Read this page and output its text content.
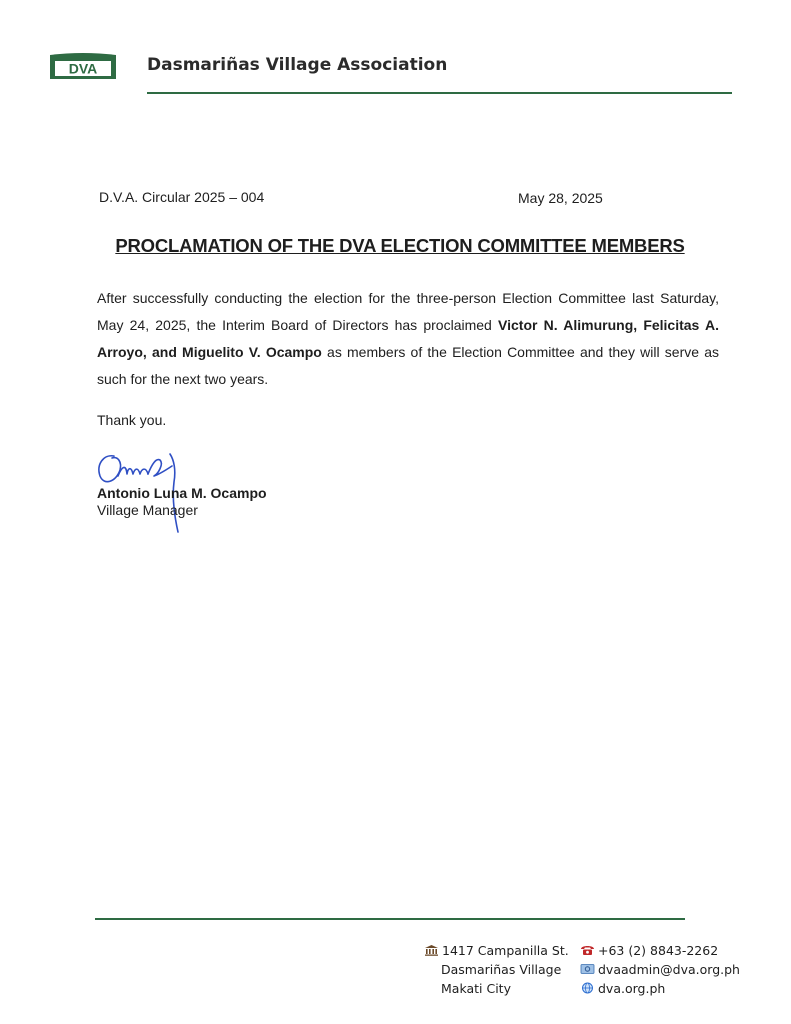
DVA	Dasmariñas Village Association
D.V.A. Circular 2025 – 004	May 28, 2025
PROCLAMATION OF THE DVA ELECTION COMMITTEE MEMBERS
After successfully conducting the election for the three-person Election Committee last Saturday, May 24, 2025, the Interim Board of Directors has proclaimed Victor N. Alimurung, Felicitas A. Arroyo, and Miguelito V. Ocampo as members of the Election Committee and they will serve as such for the next two years.
Thank you.
Antonio Luna M. Ocampo
Village Manager
1417 Campanilla St.
Dasmariñas Village
Makati City
+63 (2) 8843-2262
dvaadmin@dva.org.ph
dva.org.ph
